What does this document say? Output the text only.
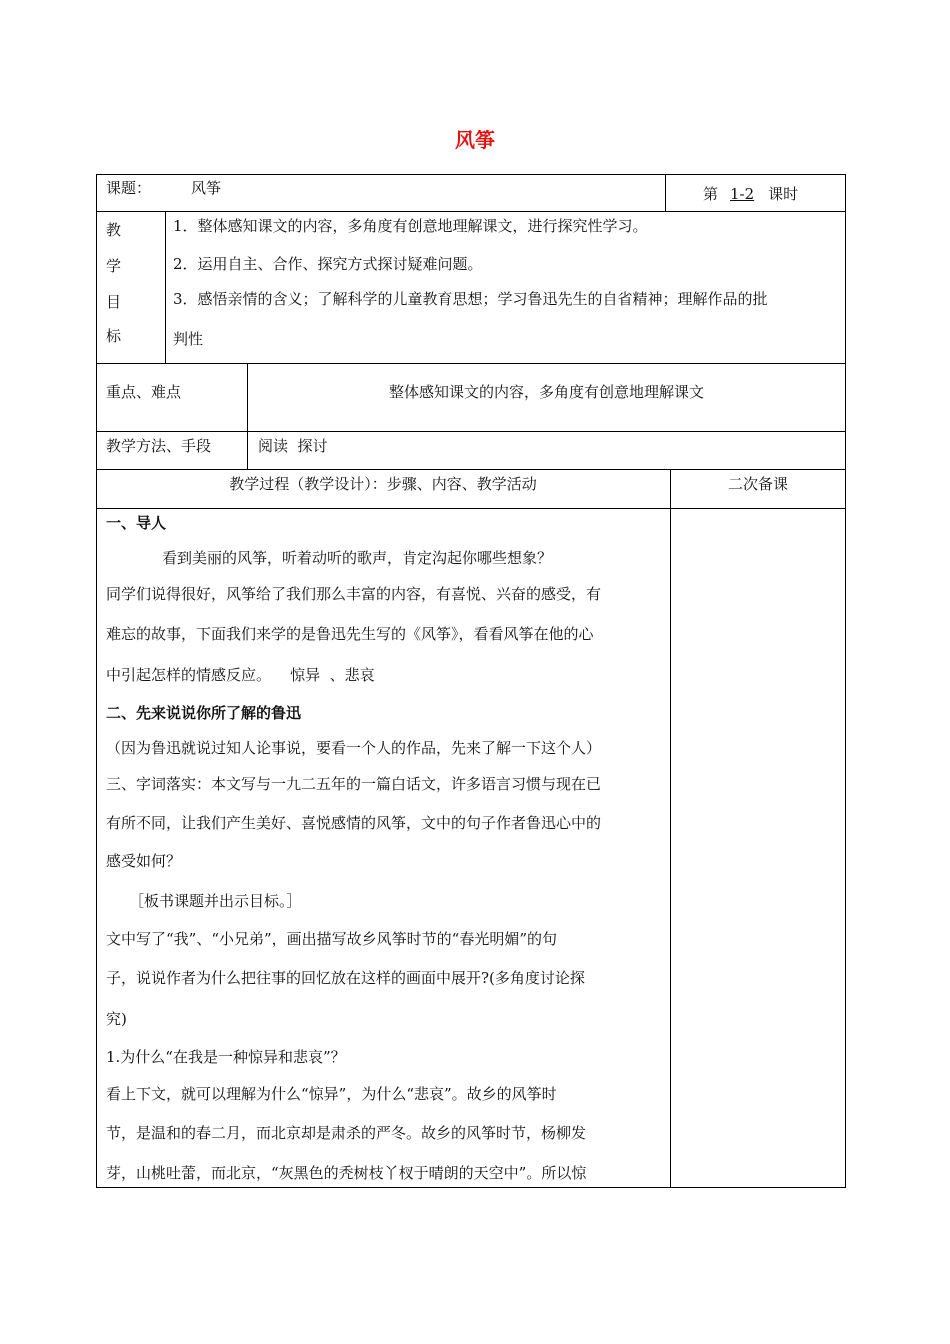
风筝
课题：	风筝	第 1-2 课时
教
学
目
标
1．整体感知课文的内容，多角度有创意地理解课文，进行探究性学习。
2．运用自主、合作、探究方式探讨疑难问题。
3．感悟亲情的含义；了解科学的儿童教育思想；学习鲁迅先生的自省精神；理解作品的批
判性
重点、难点	整体感知课文的内容，多角度有创意地理解课文
教学方法、手段	阅读  探讨
教学过程（教学设计）：步骤、内容、教学活动	二次备课
一、导人
看到美丽的风筝，听着动听的歌声，肯定沟起你哪些想象？
同学们说得很好，风筝给了我们那么丰富的内容，有喜悦、兴奋的感受，有
难忘的故事，下面我们来学的是鲁迅先生写的《风筝》，看看风筝在他的心
中引起怎样的情感反应。    惊异  、悲哀
二、先来说说你所了解的鲁迅
（因为鲁迅就说过知人论事说，要看一个人的作品，先来了解一下这个人）
三、字词落实：本文写与一九二五年的一篇白话文，许多语言习惯与现在已
有所不同，让我们产生美好、喜悦感情的风筝，文中的句子作者鲁迅心中的
感受如何？
［板书课题并出示目标。］
文中写了“我”、“小兄弟”，画出描写故乡风筝时节的“春光明媚”的句
子，说说作者为什么把往事的回忆放在这样的画面中展开?(多角度讨论探
究)
1.为什么“在我是一种惊异和悲哀”？
看上下文，就可以理解为什么“惊异”，为什么“悲哀”。故乡的风筝时
节，是温和的春二月，而北京却是肃杀的严冬。故乡的风筝时节，杨柳发
芽，山桃吐蕾，而北京，“灰黑色的秃树枝丫杈于晴朗的天空中”。所以惊
